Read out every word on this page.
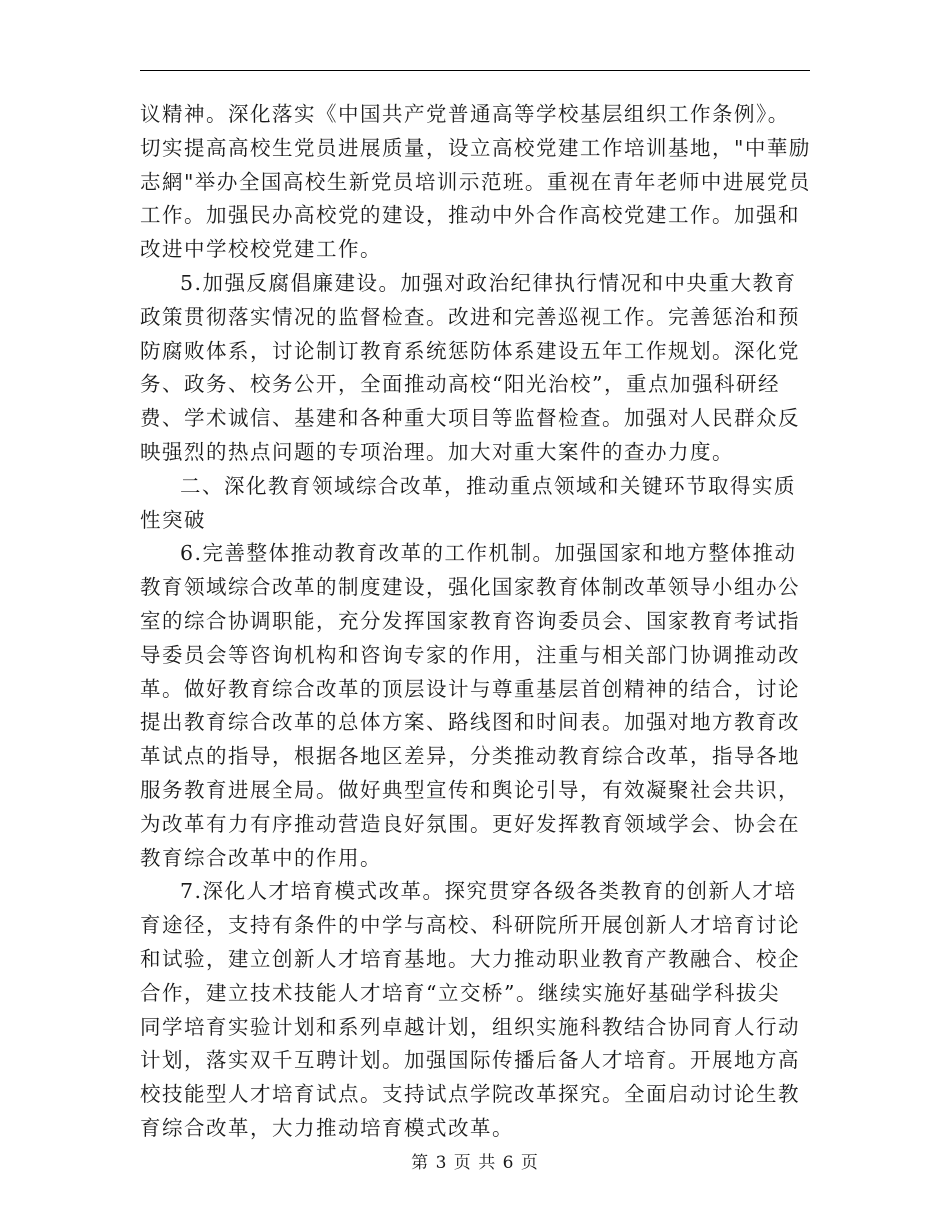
议精神。深化落实《中国共产党普通高等学校基层组织工作条例》。
切实提高高校生党员进展质量，设立高校党建工作培训基地，"中華励
志網"举办全国高校生新党员培训示范班。重视在青年老师中进展党员
工作。加强民办高校党的建设，推动中外合作高校党建工作。加强和
改进中学校校党建工作。
5.加强反腐倡廉建设。加强对政治纪律执行情况和中央重大教育
政策贯彻落实情况的监督检查。改进和完善巡视工作。完善惩治和预
防腐败体系，讨论制订教育系统惩防体系建设五年工作规划。深化党
务、政务、校务公开，全面推动高校“阳光治校”，重点加强科研经
费、学术诚信、基建和各种重大项目等监督检查。加强对人民群众反
映强烈的热点问题的专项治理。加大对重大案件的查办力度。
二、深化教育领域综合改革，推动重点领域和关键环节取得实质
性突破
6.完善整体推动教育改革的工作机制。加强国家和地方整体推动
教育领域综合改革的制度建设，强化国家教育体制改革领导小组办公
室的综合协调职能，充分发挥国家教育咨询委员会、国家教育考试指
导委员会等咨询机构和咨询专家的作用，注重与相关部门协调推动改
革。做好教育综合改革的顶层设计与尊重基层首创精神的结合，讨论
提出教育综合改革的总体方案、路线图和时间表。加强对地方教育改
革试点的指导，根据各地区差异，分类推动教育综合改革，指导各地
服务教育进展全局。做好典型宣传和舆论引导，有效凝聚社会共识，
为改革有力有序推动营造良好氛围。更好发挥教育领域学会、协会在
教育综合改革中的作用。
7.深化人才培育模式改革。探究贯穿各级各类教育的创新人才培
育途径，支持有条件的中学与高校、科研院所开展创新人才培育讨论
和试验，建立创新人才培育基地。大力推动职业教育产教融合、校企
合作，建立技术技能人才培育“立交桥”。继续实施好基础学科拔尖
同学培育实验计划和系列卓越计划，组织实施科教结合协同育人行动
计划，落实双千互聘计划。加强国际传播后备人才培育。开展地方高
校技能型人才培育试点。支持试点学院改革探究。全面启动讨论生教
育综合改革，大力推动培育模式改革。
第 3 页 共 6 页
